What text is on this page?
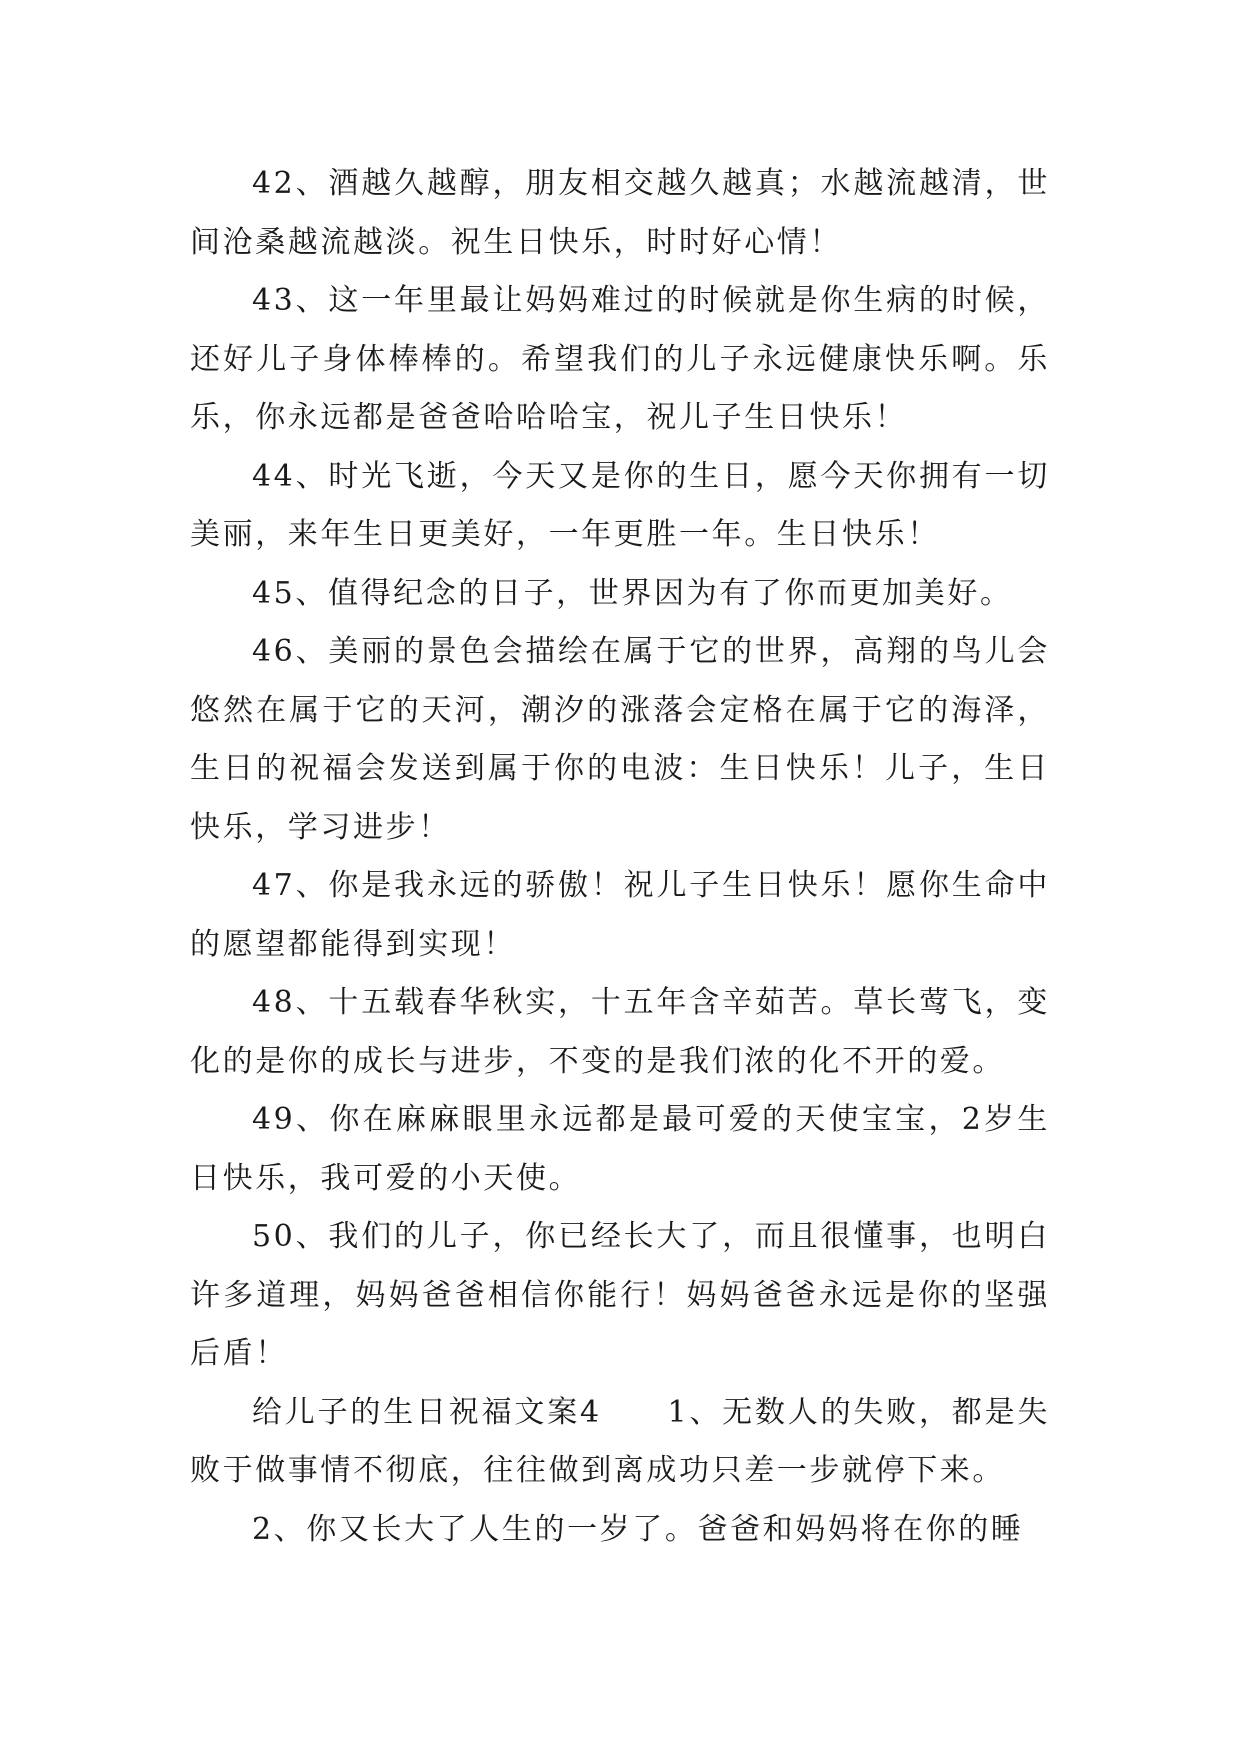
42、酒越久越醇，朋友相交越久越真；水越流越清，世间沧桑越流越淡。祝生日快乐，时时好心情！

43、这一年里最让妈妈难过的时候就是你生病的时候，还好儿子身体棒棒的。希望我们的儿子永远健康快乐啊。乐乐，你永远都是爸爸哈哈哈宝，祝儿子生日快乐！

44、时光飞逝，今天又是你的生日，愿今天你拥有一切美丽，来年生日更美好，一年更胜一年。生日快乐！

45、值得纪念的日子，世界因为有了你而更加美好。

46、美丽的景色会描绘在属于它的世界，高翔的鸟儿会悠然在属于它的天河，潮汐的涨落会定格在属于它的海泽，生日的祝福会发送到属于你的电波：生日快乐！儿子，生日快乐，学习进步！

47、你是我永远的骄傲！祝儿子生日快乐！愿你生命中的愿望都能得到实现！

48、十五载春华秋实，十五年含辛茹苦。草长莺飞，变化的是你的成长与进步，不变的是我们浓的化不开的爱。

49、你在麻麻眼里永远都是最可爱的天使宝宝，2岁生日快乐，我可爱的小天使。

50、我们的儿子，你已经长大了，而且很懂事，也明白许多道理，妈妈爸爸相信你能行！妈妈爸爸永远是你的坚强后盾！

给儿子的生日祝福文案4　　1、无数人的失败，都是失败于做事情不彻底，往往做到离成功只差一步就停下来。

2、你又长大了人生的一岁了。爸爸和妈妈将在你的睡
